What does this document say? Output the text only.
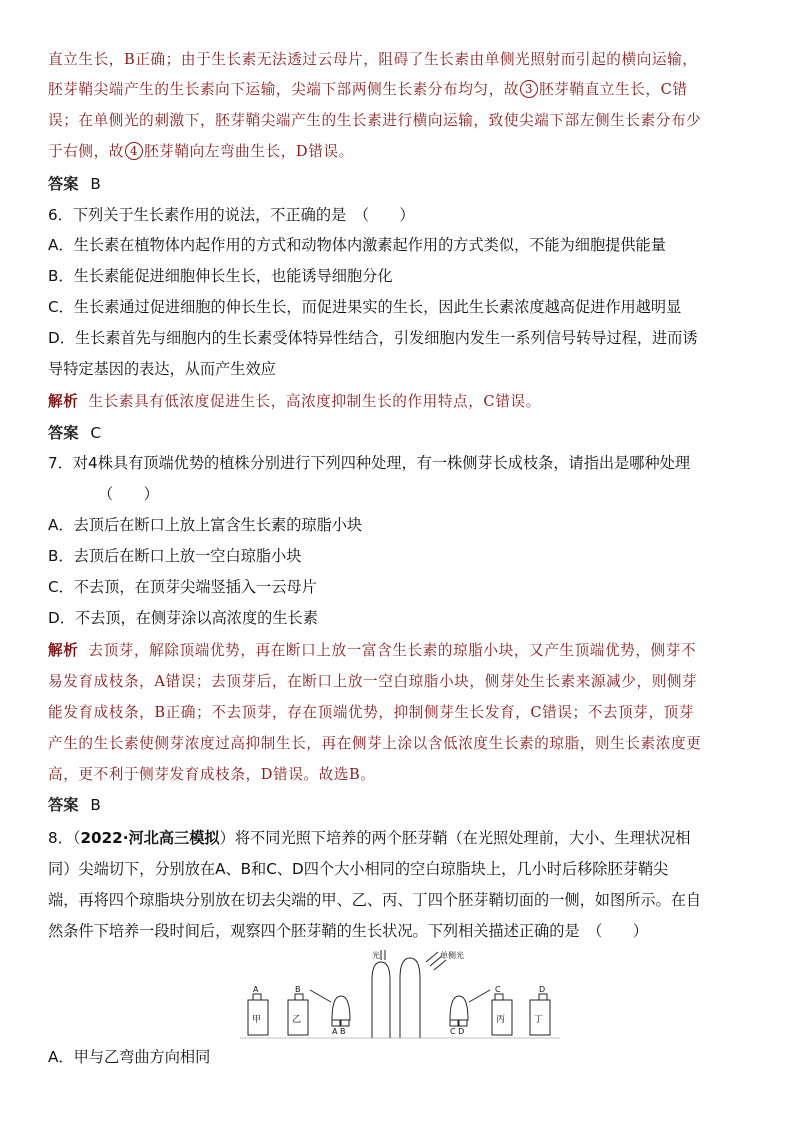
直立生长，B正确；由于生长素无法透过云母片，阻碍了生长素由单侧光照射而引起的横向运输，
胚芽鞘尖端产生的生长素向下运输，尖端下部两侧生长素分布均匀，故 3 胚芽鞘直立生长，C错
误；在单侧光的刺激下，胚芽鞘尖端产生的生长素进行横向运输，致使尖端下部左侧生长素分布少
于右侧，故 4 胚芽鞘向左弯曲生长，D错误。
答案 B
6．下列关于生长素作用的说法，不正确的是　（　　）
A．生长素在植物体内起作用的方式和动物体内激素起作用的方式类似，不能为细胞提供能量
B．生长素能促进细胞伸长生长，也能诱导细胞分化
C．生长素通过促进细胞的伸长生长，而促进果实的生长，因此生长素浓度越高促进作用越明显
D．生长素首先与细胞内的生长素受体特异性结合，引发细胞内发生一系列信号转导过程，进而诱
导特定基因的表达，从而产生效应
解析 生长素具有低浓度促进生长，高浓度抑制生长的作用特点，C错误。
答案 C
7．对4株具有顶端优势的植株分别进行下列四种处理，有一株侧芽长成枝条，请指出是哪种处理
（　　）
A．去顶后在断口上放上富含生长素的琼脂小块
B．去顶后在断口上放一空白琼脂小块
C．不去顶，在顶芽尖端竖插入一云母片
D．不去顶，在侧芽涂以高浓度的生长素
解析 去顶芽，解除顶端优势，再在断口上放一富含生长素的琼脂小块，又产生顶端优势，侧芽不
易发育成枝条，A错误；去顶芽后，在断口上放一空白琼脂小块，侧芽处生长素来源减少，则侧芽
能发育成枝条，B正确；不去顶芽，存在顶端优势，抑制侧芽生长发育，C错误；不去顶芽，顶芽
产生的生长素使侧芽浓度过高抑制生长，再在侧芽上涂以含低浓度生长素的琼脂，则生长素浓度更
高，更不利于侧芽发育成枝条，D错误。故选B。
答案 B
8．（2022·河北高三模拟）将不同光照下培养的两个胚芽鞘（在光照处理前，大小、生理状况相
同）尖端切下，分别放在A、B和C、D四个大小相同的空白琼脂块上，几小时后移除胚芽鞘尖
端，再将四个琼脂块分别放在切去尖端的甲、乙、丙、丁四个胚芽鞘切面的一侧，如图所示。在自
然条件下培养一段时间后，观察四个胚芽鞘的生长状况。下列相关描述正确的是　（　　）
A	B	C	D
A B	C D
甲	乙	丙	丁
光	单侧光
A．甲与乙弯曲方向相同
